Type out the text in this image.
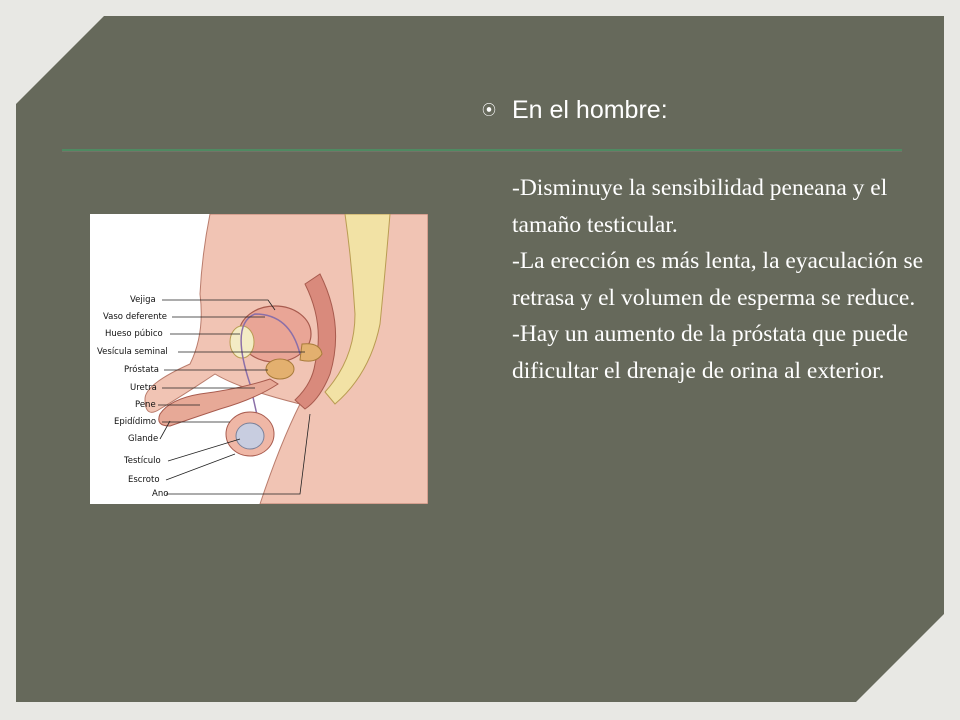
⦿ En el hombre:
-Disminuye la sensibilidad peneana y el tamaño testicular.
-La erección es más lenta, la eyaculación se retrasa y el volumen de esperma se reduce.
-Hay un aumento de la próstata que puede dificultar el drenaje de orina al exterior.
Vejiga
Vaso deferente
Hueso púbico
Vesícula seminal
Próstata
Uretra
Pene
Epidídimo
Glande
Testículo
Escroto
Ano
